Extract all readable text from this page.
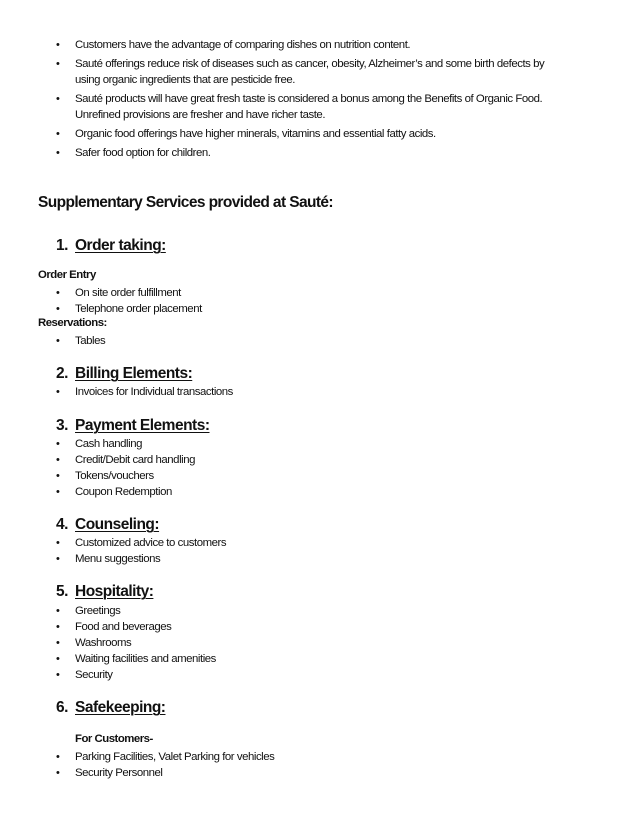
Customers have the advantage of comparing dishes on nutrition content.
Sauté offerings reduce risk of diseases such as cancer, obesity, Alzheimer’s and some birth defects by
using organic ingredients that are pesticide free.
Sauté products will have great fresh taste is considered a bonus among the Benefits of Organic Food.
Unrefined provisions are fresher and have richer taste.
Organic food offerings have higher minerals, vitamins and essential fatty acids.
Safer food option for children.
Supplementary Services provided at Sauté:
1. Order taking:
Order Entry
On site order fulfillment
Telephone order placement
Reservations:
Tables
2. Billing Elements:
Invoices for Individual transactions
3. Payment Elements:
Cash handling
Credit/Debit card handling
Tokens/vouchers
Coupon Redemption
4. Counseling:
Customized advice to customers
Menu suggestions
5. Hospitality:
Greetings
Food and beverages
Washrooms
Waiting facilities and amenities
Security
6. Safekeeping:
For Customers-
Parking Facilities, Valet Parking for vehicles
Security Personnel
